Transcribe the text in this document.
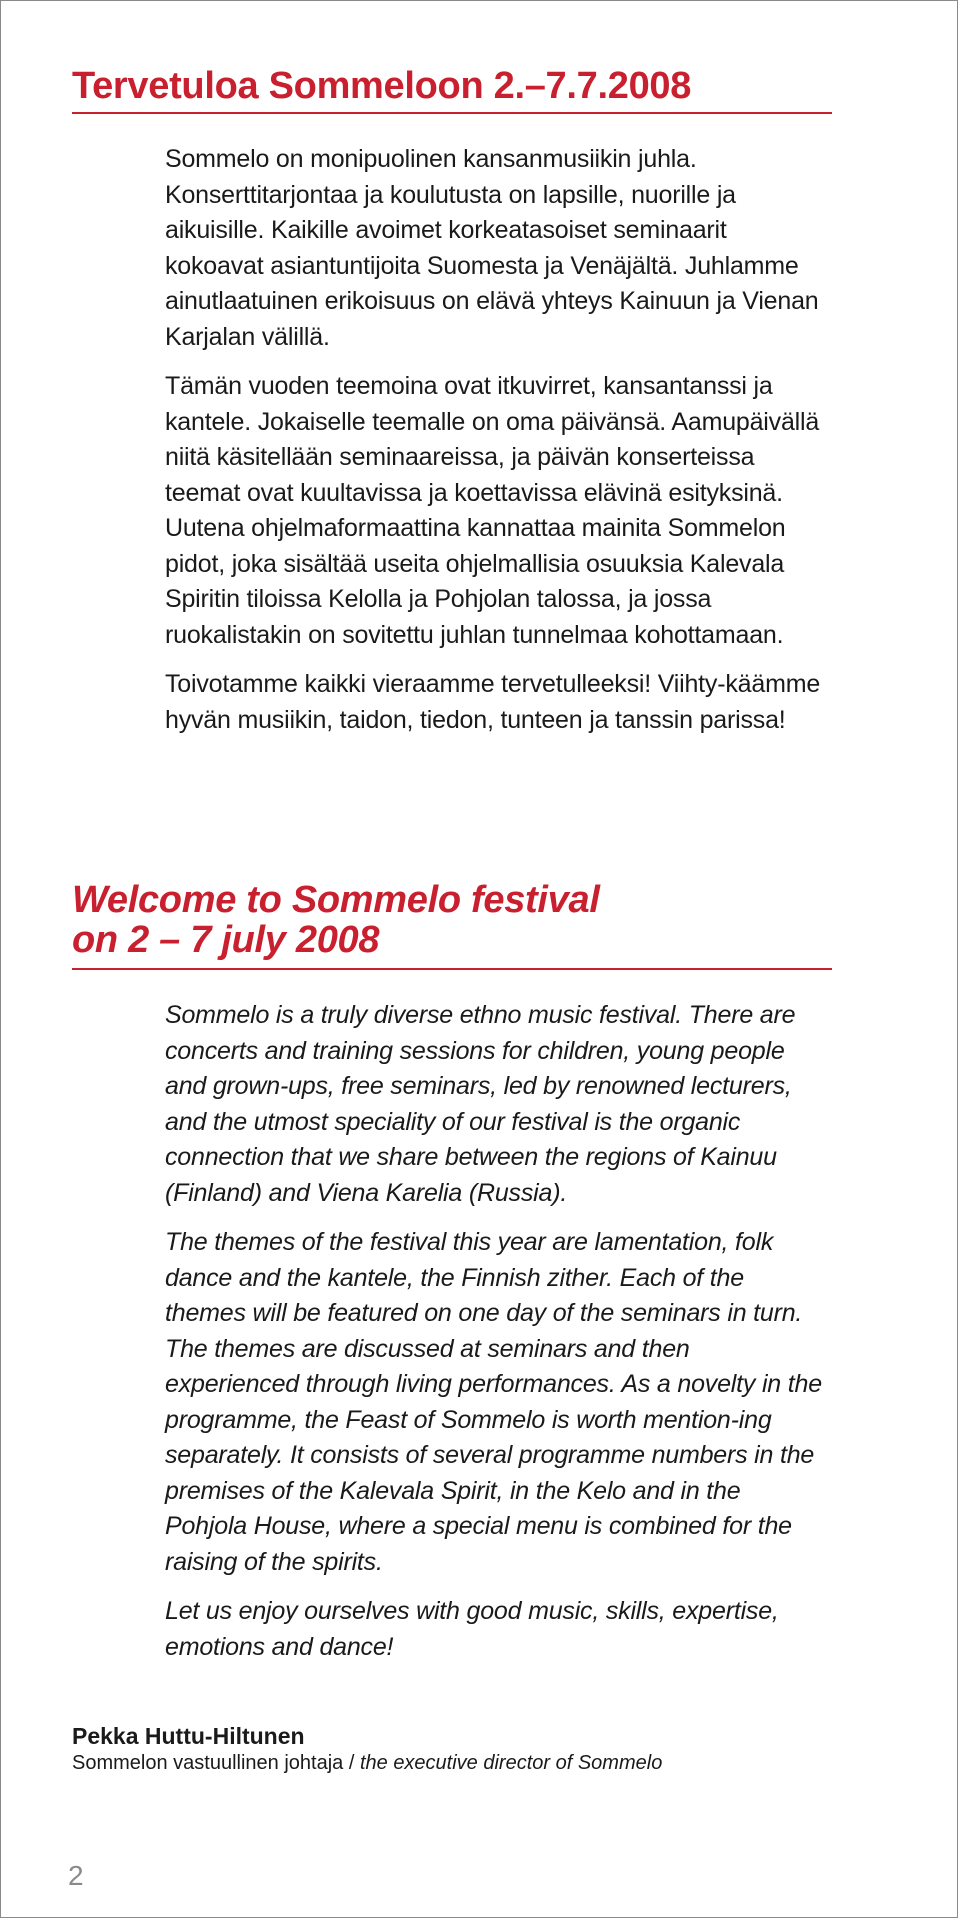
Tervetuloa Sommeloon 2.–7.7.2008

Sommelo on monipuolinen kansanmusiikin juhla. Konserttitarjontaa ja koulutusta on lapsille, nuorille ja aikuisille. Kaikille avoimet korkeatasoiset seminaarit kokoavat asiantuntijoita Suomesta ja Venäjältä. Juhlamme ainutlaatuinen erikoisuus on elävä yhteys Kainuun ja Vienan Karjalan välillä.

Tämän vuoden teemoina ovat itkuvirret, kansantanssi ja kantele. Jokaiselle teemalle on oma päivänsä. Aamupäivällä niitä käsitellään seminaareissa, ja päivän konserteissa teemat ovat kuultavissa ja koettavissa elävinä esityksinä. Uutena ohjelmaformaattina kannattaa mainita Sommelon pidot, joka sisältää useita ohjelmallisia osuuksia Kalevala Spiritin tiloissa Kelolla ja Pohjolan talossa, ja jossa ruokalistakin on sovitettu juhlan tunnelmaa kohottamaan.

Toivotamme kaikki vieraamme tervetulleeksi! Viihty-käämme hyvän musiikin, taidon, tiedon, tunteen ja tanssin parissa!

Welcome to Sommelo festival
on 2 – 7 july 2008

Sommelo is a truly diverse ethno music festival. There are concerts and training sessions for children, young people and grown-ups, free seminars, led by renowned lecturers, and the utmost speciality of our festival is the organic connection that we share between the regions of Kainuu (Finland) and Viena Karelia (Russia).

The themes of the festival this year are lamentation, folk dance and the kantele, the Finnish zither. Each of the themes will be featured on one day of the seminars in turn. The themes are discussed at seminars and then experienced through living performances. As a novelty in the programme, the Feast of Sommelo is worth mention-ing separately. It consists of several programme numbers in the premises of the Kalevala Spirit, in the Kelo and in the Pohjola House, where a special menu is combined for the raising of the spirits.

Let us enjoy ourselves with good music, skills, expertise, emotions and dance!

Pekka Huttu-Hiltunen
Sommelon vastuullinen johtaja / the executive director of Sommelo
2
